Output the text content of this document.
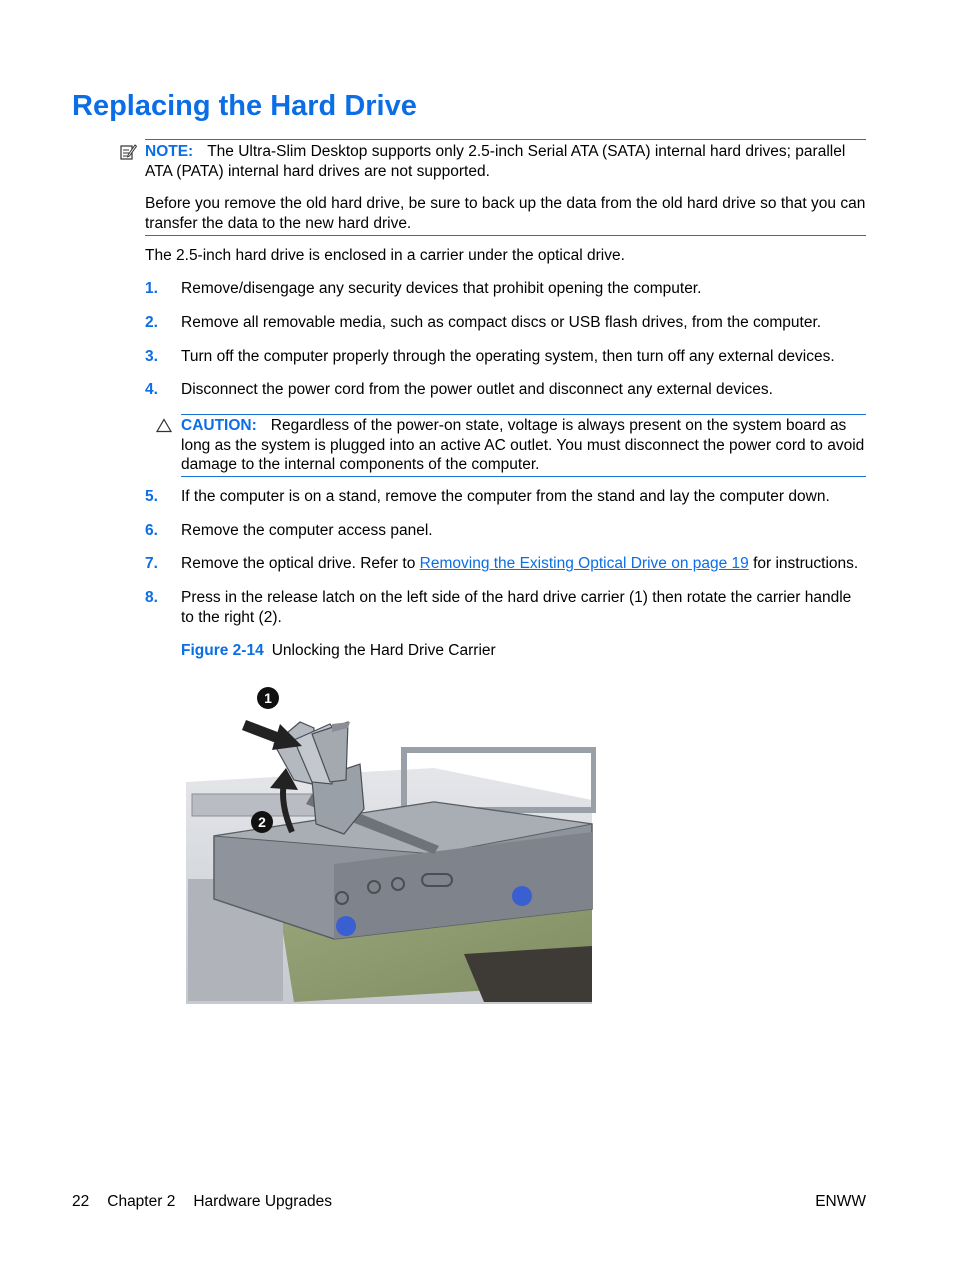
Replacing the Hard Drive

NOTE: The Ultra-Slim Desktop supports only 2.5-inch Serial ATA (SATA) internal hard drives; parallel ATA (PATA) internal hard drives are not supported.

Before you remove the old hard drive, be sure to back up the data from the old hard drive so that you can transfer the data to the new hard drive.

The 2.5-inch hard drive is enclosed in a carrier under the optical drive.

1. Remove/disengage any security devices that prohibit opening the computer.
2. Remove all removable media, such as compact discs or USB flash drives, from the computer.
3. Turn off the computer properly through the operating system, then turn off any external devices.
4. Disconnect the power cord from the power outlet and disconnect any external devices.
CAUTION: Regardless of the power-on state, voltage is always present on the system board as long as the system is plugged into an active AC outlet. You must disconnect the power cord to avoid damage to the internal components of the computer.
5. If the computer is on a stand, remove the computer from the stand and lay the computer down.
6. Remove the computer access panel.
7. Remove the optical drive. Refer to Removing the Existing Optical Drive on page 19 for instructions.
8. Press in the release latch on the left side of the hard drive carrier (1) then rotate the carrier handle to the right (2).
Figure 2-14 Unlocking the Hard Drive Carrier
1
2
22 Chapter 2 Hardware Upgrades	ENWW
